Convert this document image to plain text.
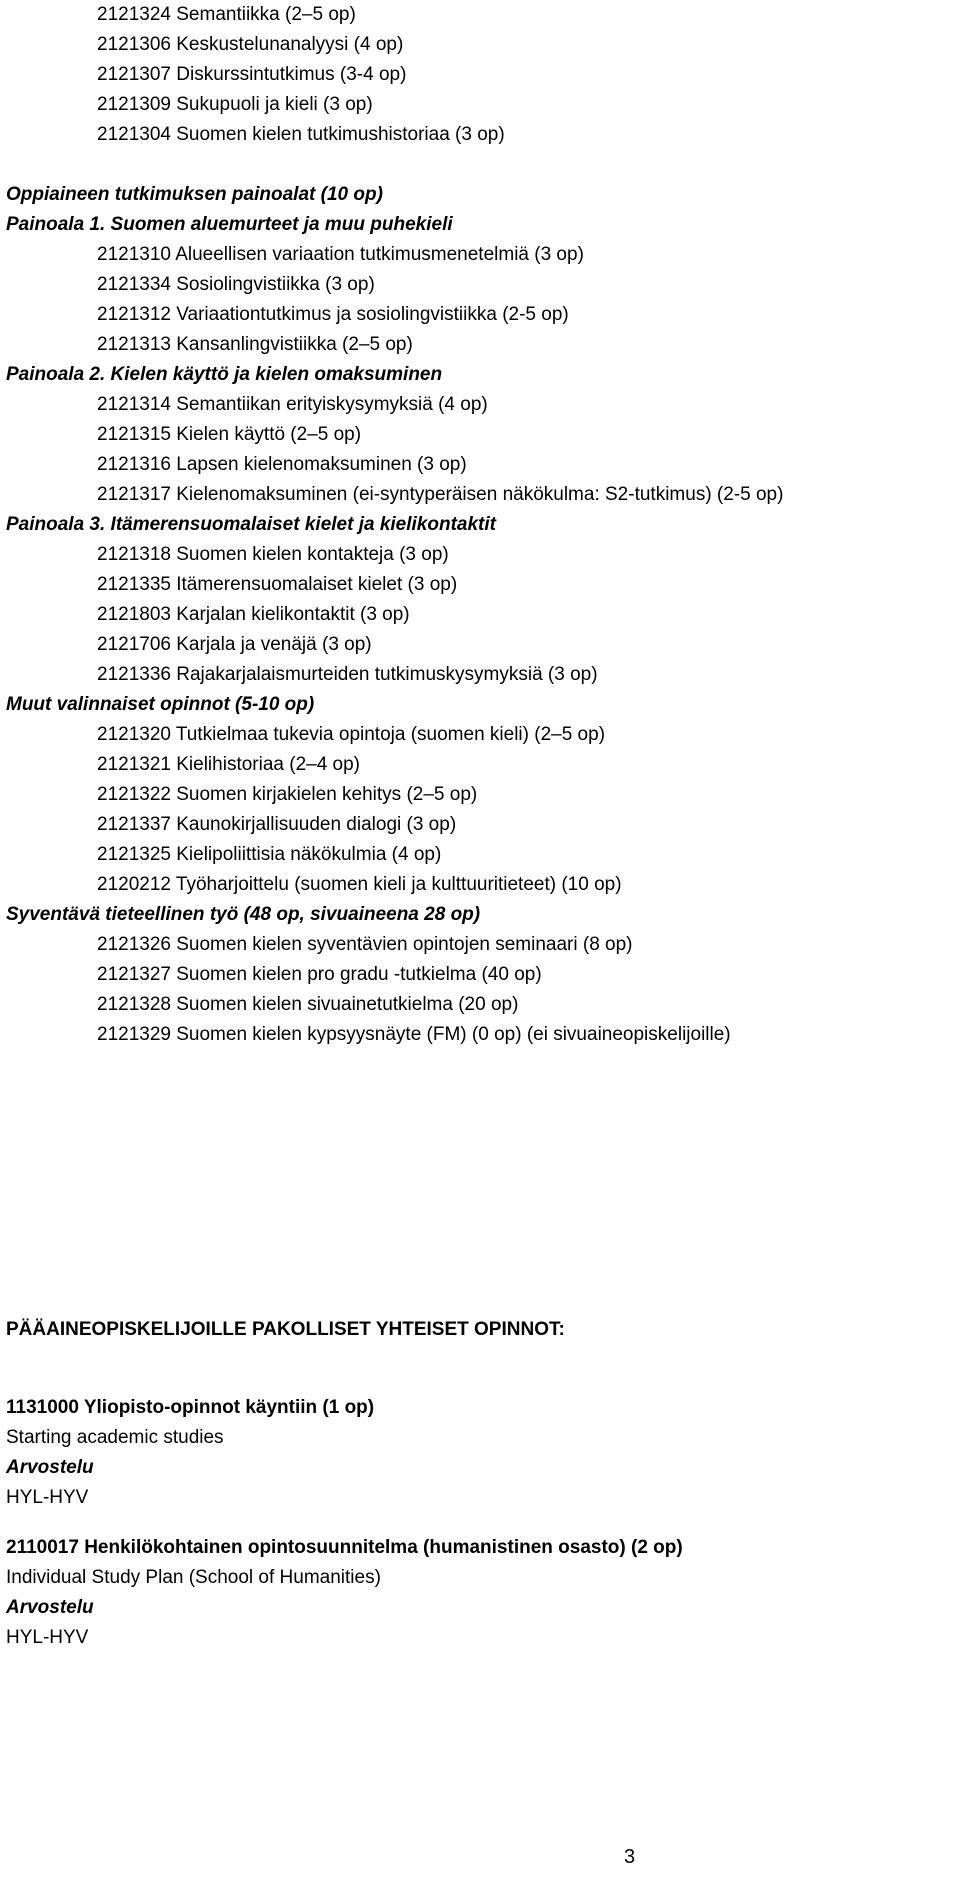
2121324 Semantiikka (2–5 op)
2121306 Keskustelunanalyysi (4 op)
2121307 Diskurssintutkimus (3-4 op)
2121309 Sukupuoli ja kieli (3 op)
2121304 Suomen kielen tutkimushistoriaa (3 op)
Oppiaineen tutkimuksen painoalat (10 op)
Painoala 1. Suomen aluemurteet ja muu puhekieli
2121310 Alueellisen variaation tutkimusmenetelmiä (3 op)
2121334 Sosiolingvistiikka (3 op)
2121312 Variaationtutkimus ja sosiolingvistiikka (2-5 op)
2121313 Kansanlingvistiikka (2–5 op)
Painoala 2. Kielen käyttö ja kielen omaksuminen
2121314 Semantiikan erityiskysymyksiä (4 op)
2121315 Kielen käyttö (2–5 op)
2121316 Lapsen kielenomaksuminen (3 op)
2121317 Kielenomaksuminen (ei-syntyperäisen näkökulma: S2-tutkimus) (2-5 op)
Painoala 3. Itämerensuomalaiset kielet ja kielikontaktit
2121318 Suomen kielen kontakteja (3 op)
2121335 Itämerensuomalaiset kielet (3 op)
2121803 Karjalan kielikontaktit (3 op)
2121706 Karjala ja venäjä (3 op)
2121336 Rajakarjalaismurteiden tutkimuskysymyksiä (3 op)
Muut valinnaiset opinnot (5-10 op)
2121320 Tutkielmaa tukevia opintoja (suomen kieli) (2–5 op)
2121321 Kielihistoriaa (2–4 op)
2121322 Suomen kirjakielen kehitys (2–5 op)
2121337 Kaunokirjallisuuden dialogi (3 op)
2121325 Kielipoliittisia näkökulmia (4 op)
2120212 Työharjoittelu (suomen kieli ja kulttuuritieteet) (10 op)
Syventävä tieteellinen työ (48 op, sivuaineena 28 op)
2121326 Suomen kielen syventävien opintojen seminaari (8 op)
2121327 Suomen kielen pro gradu -tutkielma (40 op)
2121328 Suomen kielen sivuainetutkielma (20 op)
2121329 Suomen kielen kypsyysnäyte (FM) (0 op) (ei sivuaineopiskelijoille)
PÄÄAINEOPISKELIJOILLE PAKOLLISET YHTEISET OPINNOT:
1131000 Yliopisto-opinnot käyntiin (1 op)
Starting academic studies
Arvostelu
HYL-HYV
2110017 Henkilökohtainen opintosuunnitelma (humanistinen osasto) (2 op)
Individual Study Plan (School of Humanities)
Arvostelu
HYL-HYV
3
